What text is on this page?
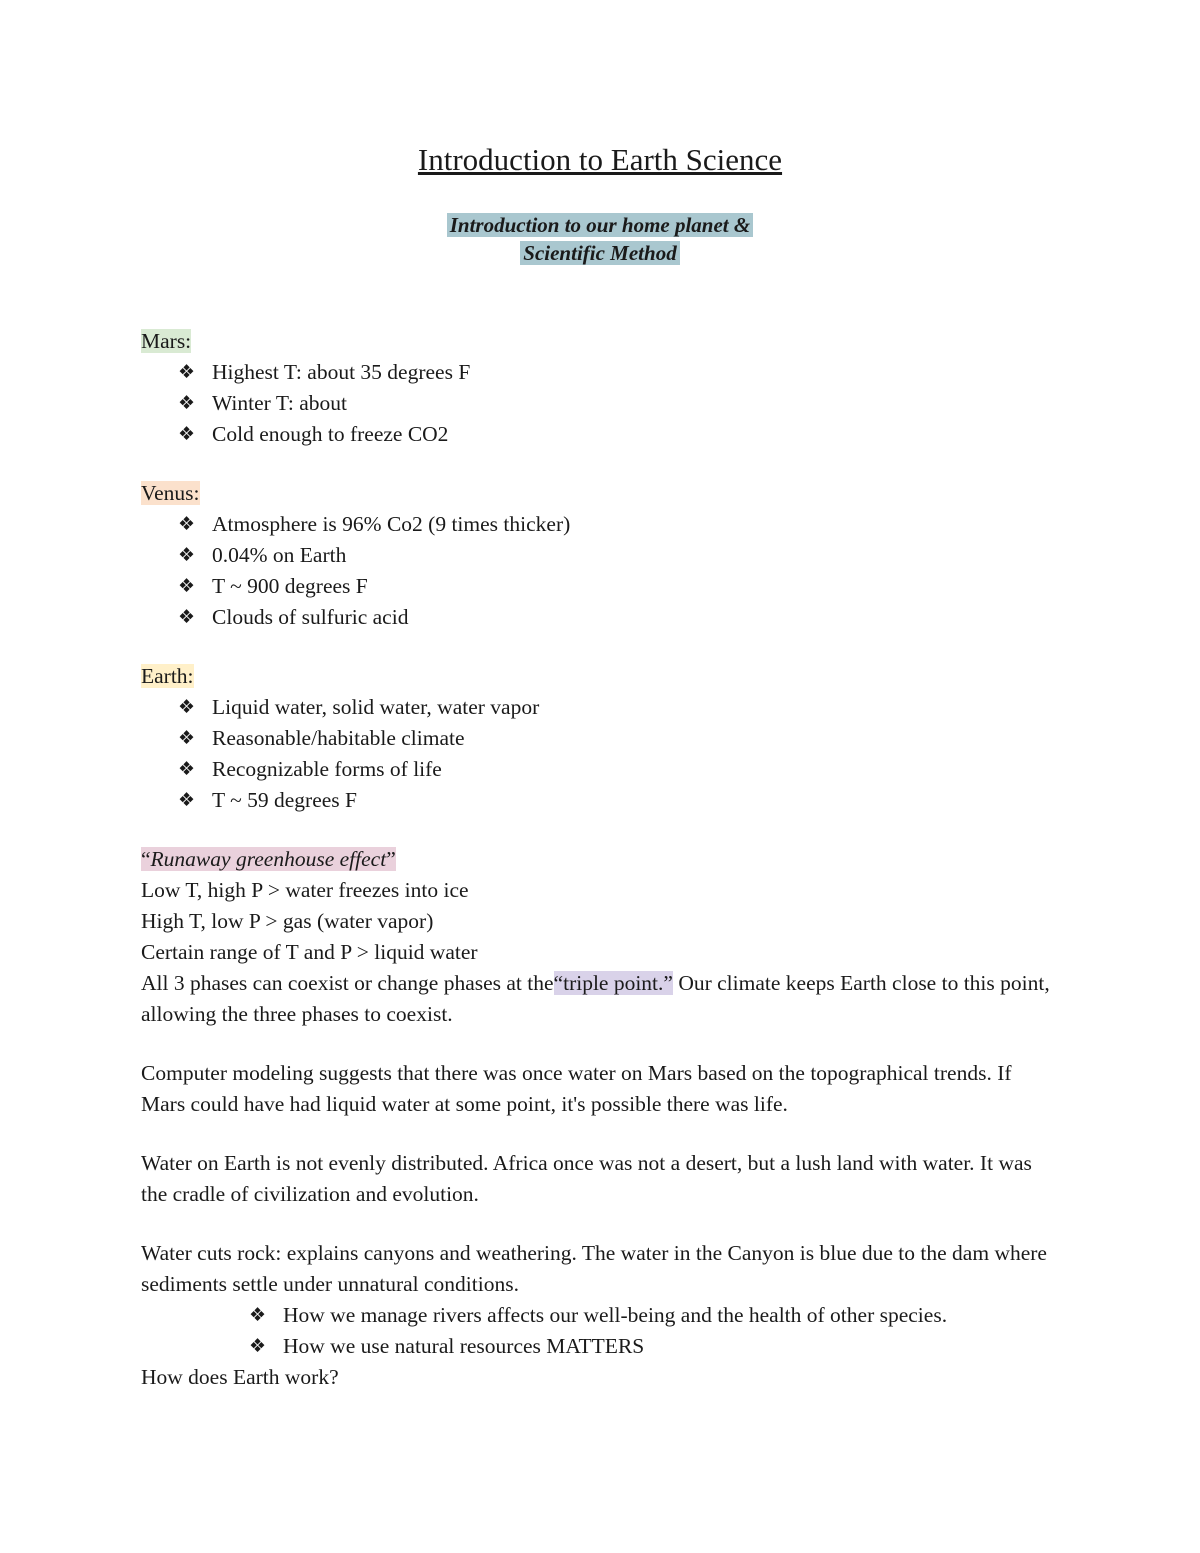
Introduction to Earth Science
Introduction to our home planet &
Scientific Method

Mars:

❖ Highest T: about 35 degrees F
❖ Winter T: about
❖ Cold enough to freeze CO2

Venus:

❖ Atmosphere is 96% Co2 (9 times thicker)
❖ 0.04% on Earth
❖ T ~ 900 degrees F
❖ Clouds of sulfuric acid

Earth:

❖ Liquid water, solid water, water vapor
❖ Reasonable/habitable climate
❖ Recognizable forms of life
❖ T ~ 59 degrees F

“Runaway greenhouse effect”

Low T, high P > water freezes into ice

High T, low P > gas (water vapor)

Certain range of T and P > liquid water

All 3 phases can coexist or change phases at the“triple point.” Our climate keeps Earth close to this point, allowing the three phases to coexist.

Computer modeling suggests that there was once water on Mars based on the topographical trends. If Mars could have had liquid water at some point, it's possible there was life.

Water on Earth is not evenly distributed. Africa once was not a desert, but a lush land with water. It was the cradle of civilization and evolution.

Water cuts rock: explains canyons and weathering. The water in the Canyon is blue due to the dam where sediments settle under unnatural conditions.

❖ How we manage rivers affects our well-being and the health of other species.
❖ How we use natural resources MATTERS

How does Earth work?
